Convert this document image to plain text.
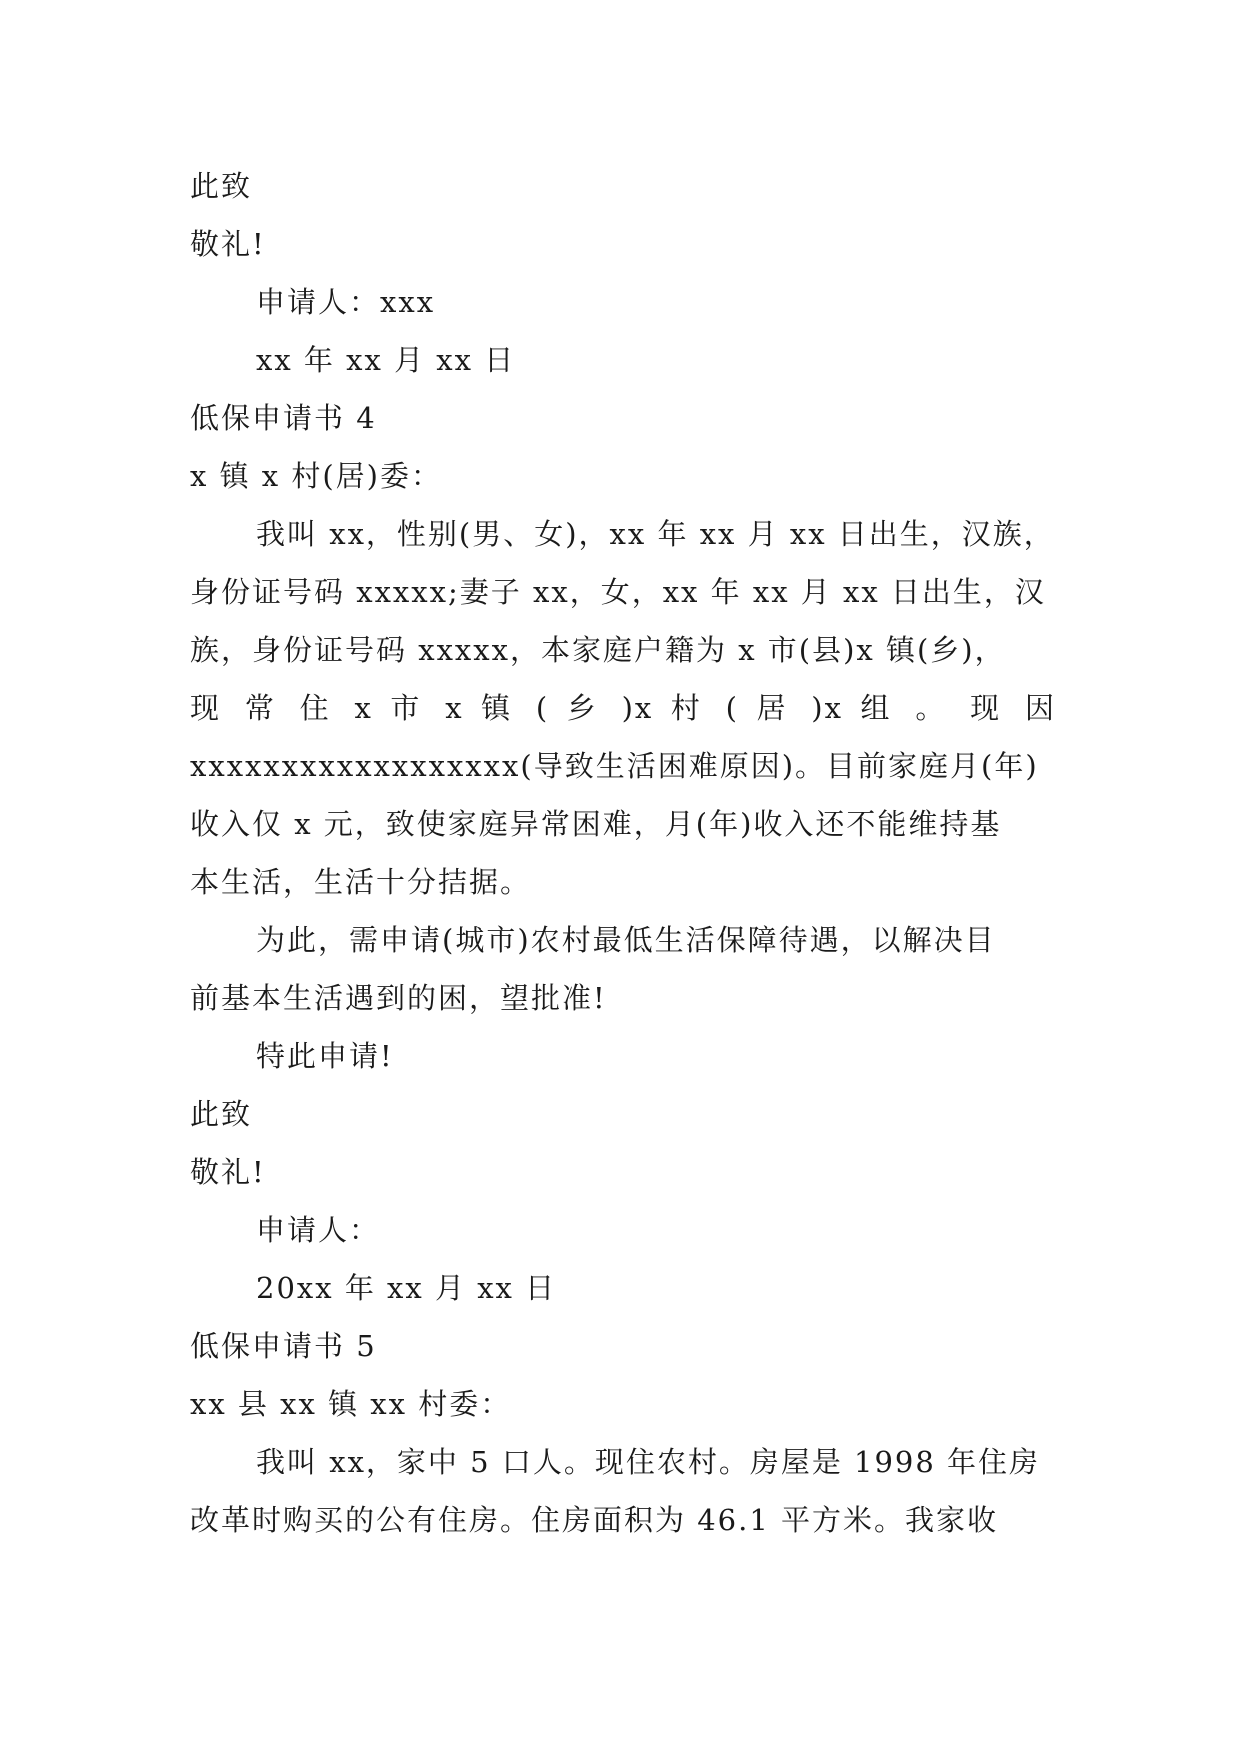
此致
敬礼!
申请人：xxx
xx 年 xx 月 xx 日
低保申请书 4
x 镇 x 村(居)委：
我叫 xx，性别(男、女)，xx 年 xx 月 xx 日出生，汉族，
身份证号码 xxxxx;妻子 xx，女，xx 年 xx 月 xx 日出生，汉
族，身份证号码 xxxxx，本家庭户籍为 x 市(县)x 镇(乡)，
现 常 住 x 市 x 镇 ( 乡 )x 村 ( 居 )x 组 。 现 因
xxxxxxxxxxxxxxxxxx(导致生活困难原因)。目前家庭月(年)
收入仅 x 元，致使家庭异常困难，月(年)收入还不能维持基
本生活，生活十分拮据。
为此，需申请(城市)农村最低生活保障待遇，以解决目
前基本生活遇到的困，望批准!
特此申请!
此致
敬礼!
申请人：
20xx 年 xx 月 xx 日
低保申请书 5
xx 县 xx 镇 xx 村委：
我叫 xx，家中 5 口人。现住农村。房屋是 1998 年住房
改革时购买的公有住房。住房面积为 46.1 平方米。我家收
